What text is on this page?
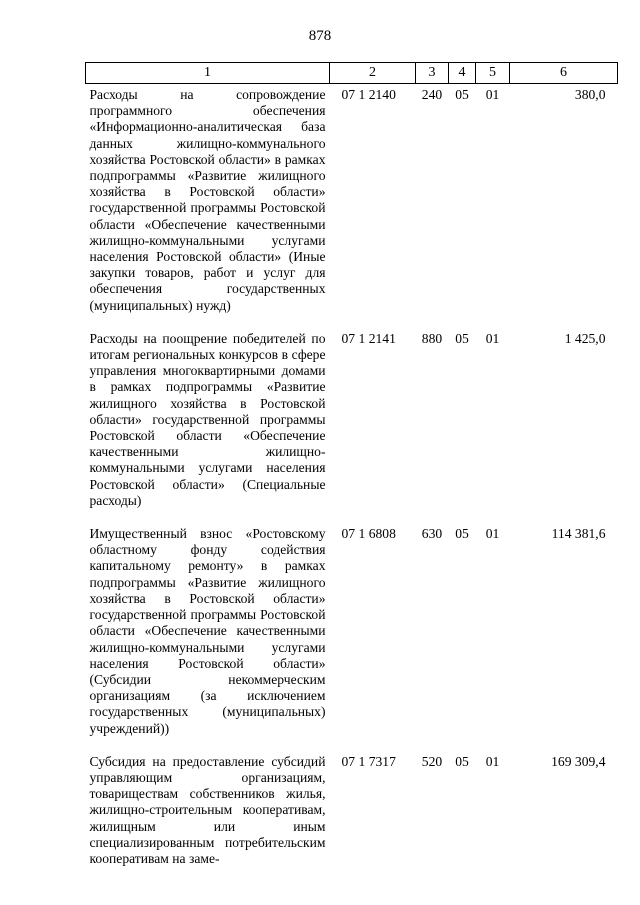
878
1	2	3	4	5	6
Расходы на сопровождение программного обеспечения «Информационно-аналитическая база данных жилищно-коммунального хозяйства Ростовской области» в рамках подпрограммы «Развитие жилищного хозяйства в Ростовской области» государственной программы Ростовской области «Обеспечение качественными жилищно-коммунальными услугами населения Ростовской области» (Иные закупки товаров, работ и услуг для обеспечения государственных (муниципальных) нужд)	07 1 2140	240	05	01	380,0
Расходы на поощрение победителей по итогам региональных конкурсов в сфере управления многоквартирными домами в рамках подпрограммы «Развитие жилищного хозяйства в Ростовской области» государственной программы Ростовской области «Обеспечение качественными жилищно-коммунальными услугами населения Ростовской области» (Специальные расходы)	07 1 2141	880	05	01	1 425,0
Имущественный взнос «Ростовскому областному фонду содействия капитальному ремонту» в рамках подпрограммы «Развитие жилищного хозяйства в Ростовской области» государственной программы Ростовской области «Обеспечение качественными жилищно-коммунальными услугами населения Ростовской области» (Субсидии некоммерческим организациям (за исключением государственных (муниципальных) учреждений))	07 1 6808	630	05	01	114 381,6
Субсидия на предоставление субсидий управляющим организациям, товариществам собственников жилья, жилищно-строительным кооперативам, жилищным или иным специализированным потребительским кооперативам на заме-	07 1 7317	520	05	01	169 309,4
